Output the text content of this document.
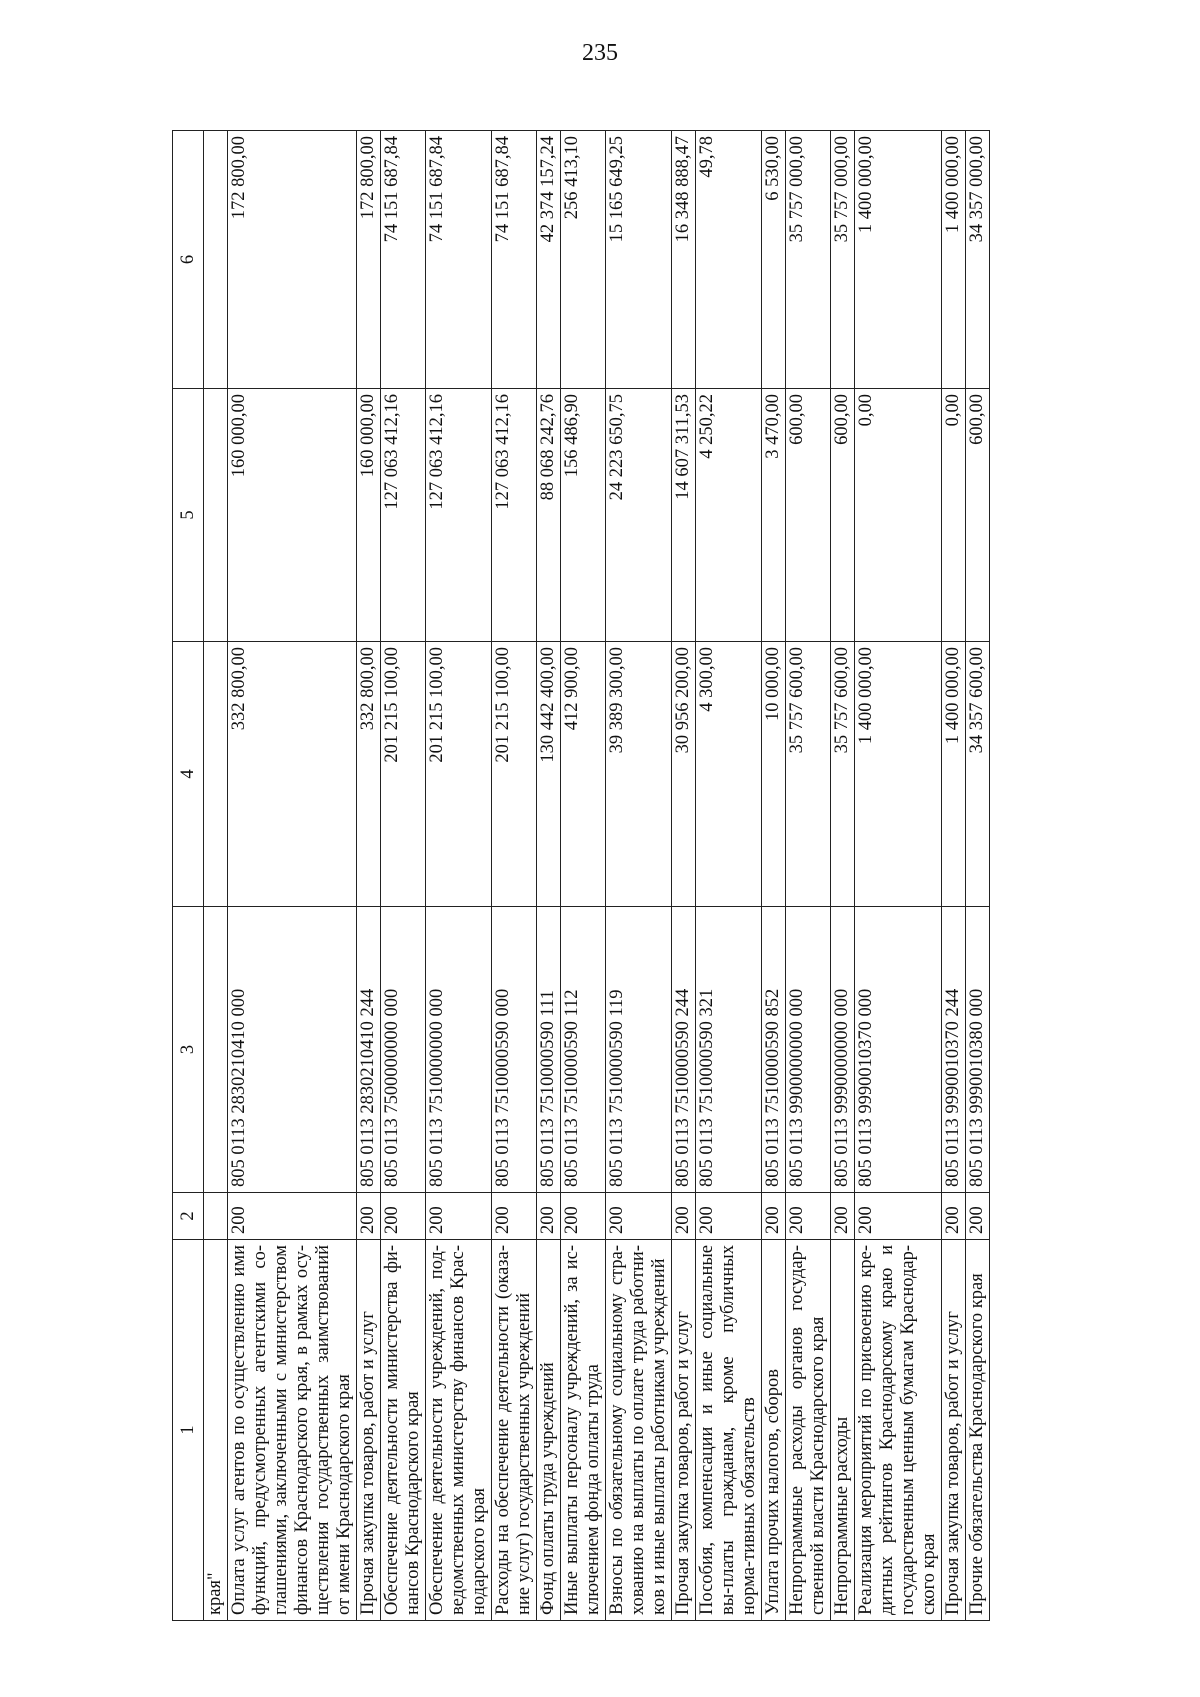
235
1	2	3	4	5	6
края"					
Оплата услуг агентов по осуществлению ими функций, предусмотренных агентскими со-глашениями, заключенными с министерством финансов Краснодарского края, в рамках осу-ществления государственных заимствований от имени Краснодарского края	200	805 0113 2830210410 000	332 800,00	160 000,00	172 800,00
Прочая закупка товаров, работ и услуг	200	805 0113 2830210410 244	332 800,00	160 000,00	172 800,00
Обеспечение деятельности министерства фи-нансов Краснодарского края	200	805 0113 7500000000 000	201 215 100,00	127 063 412,16	74 151 687,84
Обеспечение деятельности учреждений, под-ведомственных министерству финансов Крас-нодарского края	200	805 0113 7510000000 000	201 215 100,00	127 063 412,16	74 151 687,84
Расходы на обеспечение деятельности (оказа-ние услуг) государственных учреждений	200	805 0113 7510000590 000	201 215 100,00	127 063 412,16	74 151 687,84
Фонд оплаты труда учреждений	200	805 0113 7510000590 111	130 442 400,00	88 068 242,76	42 374 157,24
Иные выплаты персоналу учреждений, за ис-ключением фонда оплаты труда	200	805 0113 7510000590 112	412 900,00	156 486,90	256 413,10
Взносы по обязательному социальному стра-хованию на выплаты по оплате труда работни-ков и иные выплаты работникам учреждений	200	805 0113 7510000590 119	39 389 300,00	24 223 650,75	15 165 649,25
Прочая закупка товаров, работ и услуг	200	805 0113 7510000590 244	30 956 200,00	14 607 311,53	16 348 888,47
Пособия, компенсации и иные социальные вы-платы гражданам, кроме публичных норма-тивных обязательств	200	805 0113 7510000590 321	4 300,00	4 250,22	49,78
Уплата прочих налогов, сборов	200	805 0113 7510000590 852	10 000,00	3 470,00	6 530,00
Непрограммные расходы органов государ-ственной власти Краснодарского края	200	805 0113 9900000000 000	35 757 600,00	600,00	35 757 000,00
Непрограммные расходы	200	805 0113 9990000000 000	35 757 600,00	600,00	35 757 000,00
Реализация мероприятий по присвоению кре-дитных рейтингов Краснодарскому краю и государственным ценным бумагам Краснодар-ского края	200	805 0113 9990010370 000	1 400 000,00	0,00	1 400 000,00
Прочая закупка товаров, работ и услуг	200	805 0113 9990010370 244	1 400 000,00	0,00	1 400 000,00
Прочие обязательства Краснодарского края	200	805 0113 9990010380 000	34 357 600,00	600,00	34 357 000,00
